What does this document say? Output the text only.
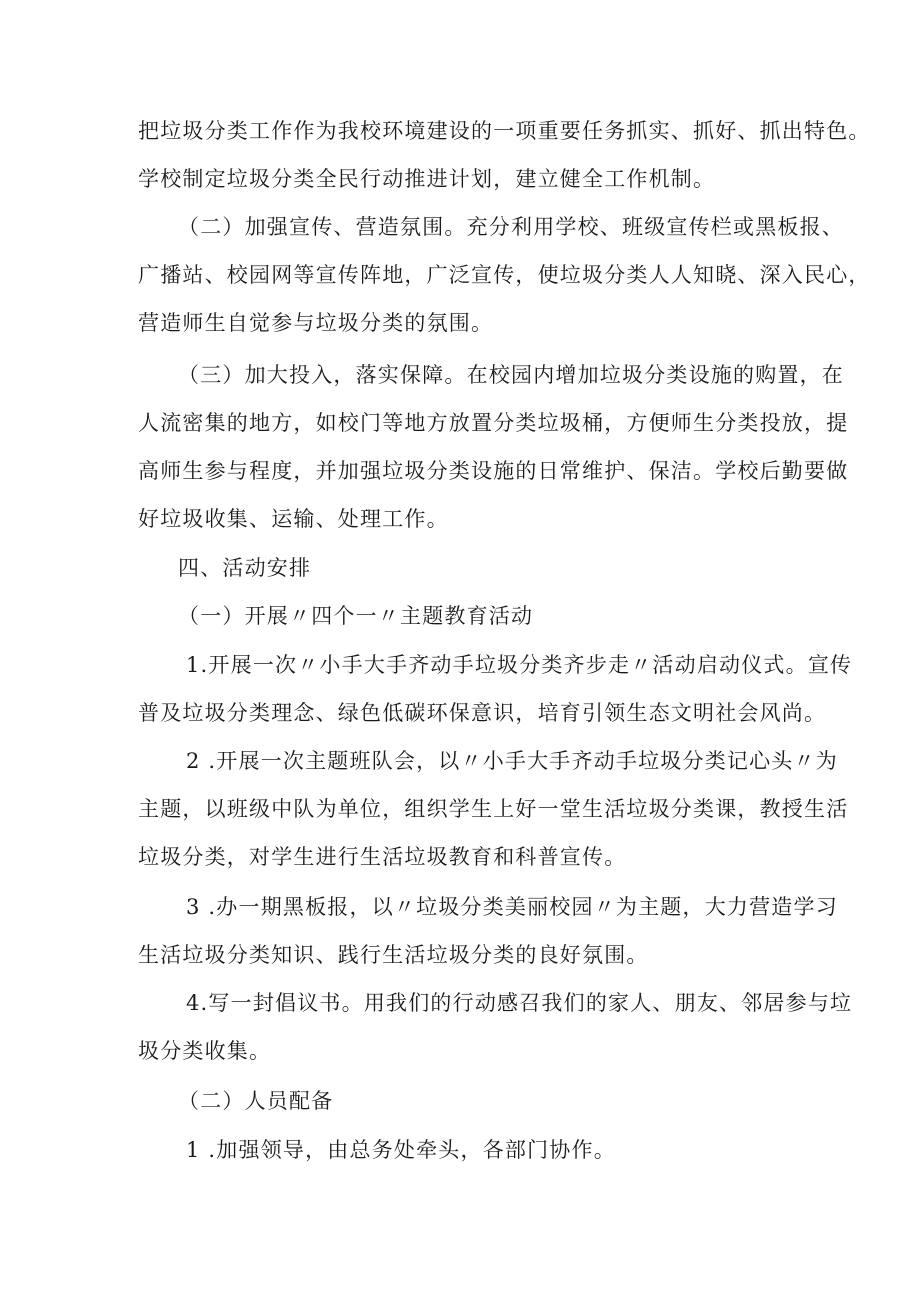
把垃圾分类工作作为我校环境建设的一项重要任务抓实、抓好、抓出特色。
学校制定垃圾分类全民行动推进计划，建立健全工作机制。
（二）加强宣传、营造氛围。充分利用学校、班级宣传栏或黑板报、
广播站、校园网等宣传阵地，广泛宣传，使垃圾分类人人知晓、深入民心，
营造师生自觉参与垃圾分类的氛围。
（三）加大投入，落实保障。在校园内增加垃圾分类设施的购置，在
人流密集的地方，如校门等地方放置分类垃圾桶，方便师生分类投放，提
高师生参与程度，并加强垃圾分类设施的日常维护、保洁。学校后勤要做
好垃圾收集、运输、处理工作。
四、活动安排
（一）开展〃四个一〃主题教育活动
1.开展一次〃小手大手齐动手垃圾分类齐步走〃活动启动仪式。宣传
普及垃圾分类理念、绿色低碳环保意识，培育引领生态文明社会风尚。
2 .开展一次主题班队会，以〃小手大手齐动手垃圾分类记心头〃为
主题，以班级中队为单位，组织学生上好一堂生活垃圾分类课，教授生活
垃圾分类，对学生进行生活垃圾教育和科普宣传。
3 .办一期黑板报，以〃垃圾分类美丽校园〃为主题，大力营造学习
生活垃圾分类知识、践行生活垃圾分类的良好氛围。
4.写一封倡议书。用我们的行动感召我们的家人、朋友、邻居参与垃
圾分类收集。
（二）人员配备
1 .加强领导，由总务处牵头，各部门协作。
